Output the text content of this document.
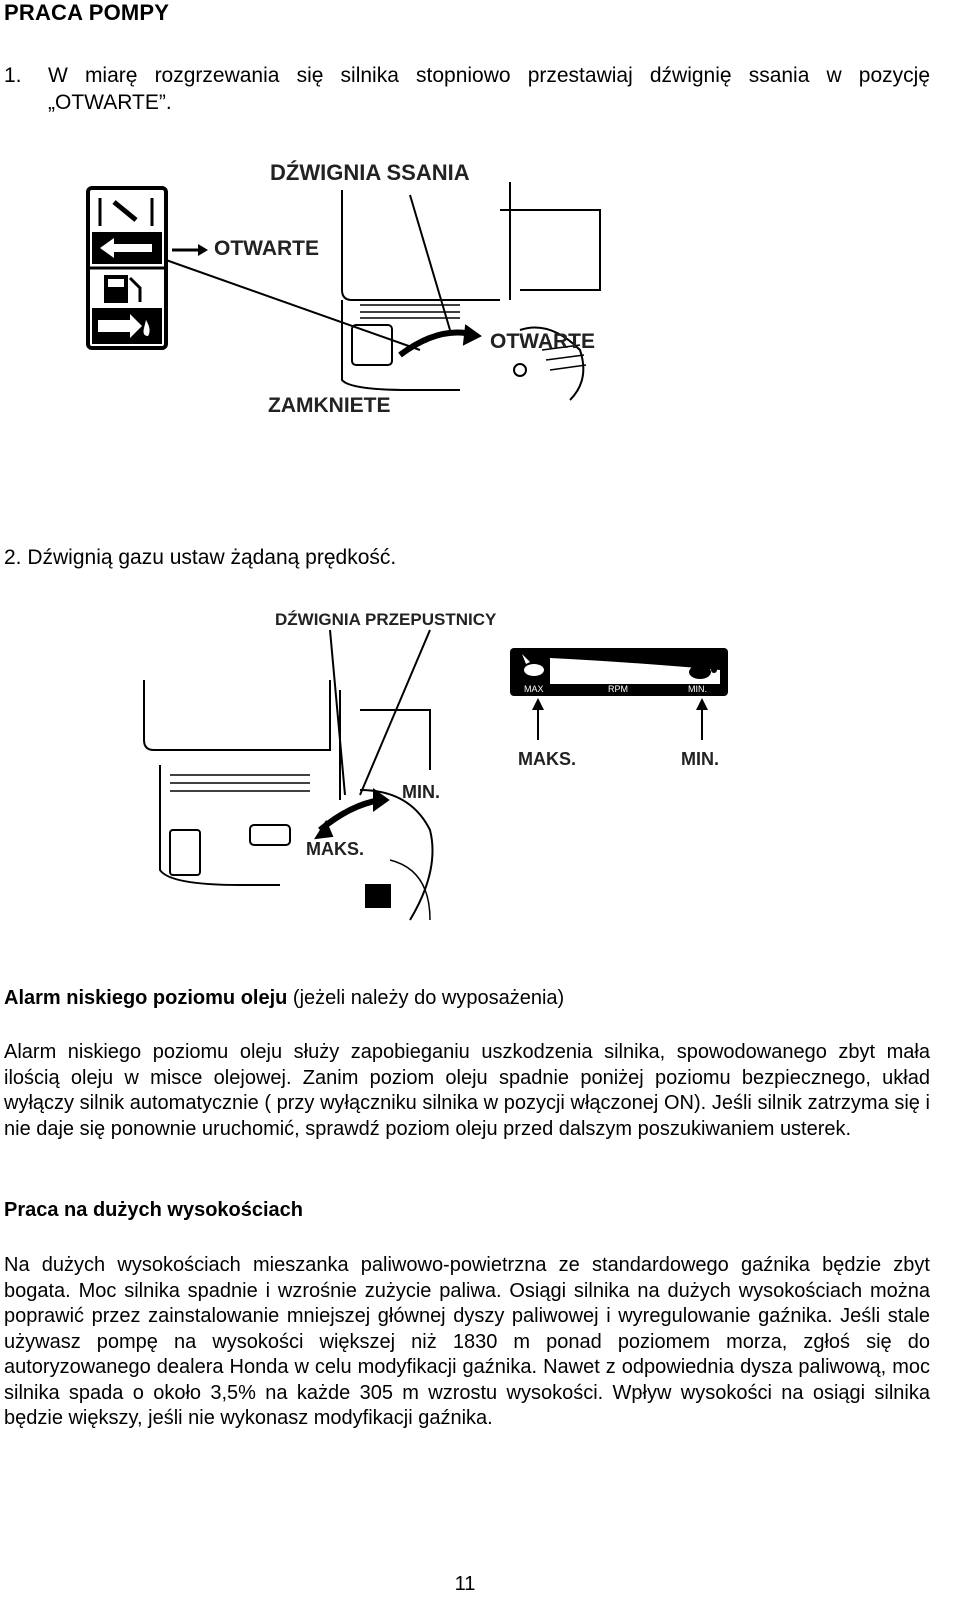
PRACA POMPY
1. W miarę rozgrzewania się silnika stopniowo przestawiaj dźwignię ssania w pozycję „OTWARTE”.
DŹWIGNIA SSANIA
OTWARTE
OTWARTE
ZAMKNIETE
2. Dźwignią gazu ustaw żądaną prędkość.
DŹWIGNIA PRZEPUSTNICY
MIN.
MAKS.
MAX	RPM	MIN.
MAKS.	MIN.
Alarm niskiego poziomu oleju (jeżeli należy do wyposażenia)
Alarm niskiego poziomu oleju służy zapobieganiu uszkodzenia silnika, spowodowanego zbyt mała ilością oleju w misce olejowej. Zanim poziom oleju spadnie poniżej poziomu bezpiecznego, układ wyłączy silnik automatycznie ( przy wyłączniku silnika w pozycji włączonej ON). Jeśli silnik zatrzyma się i nie daje się ponownie uruchomić, sprawdź poziom oleju przed dalszym poszukiwaniem usterek.
Praca na dużych wysokościach
Na dużych wysokościach mieszanka paliwowo-powietrzna ze standardowego gaźnika będzie zbyt bogata. Moc silnika spadnie i wzrośnie zużycie paliwa. Osiągi silnika na dużych wysokościach można poprawić przez zainstalowanie mniejszej głównej dyszy paliwowej i wyregulowanie gaźnika. Jeśli stale używasz pompę na wysokości większej niż 1830 m ponad poziomem morza, zgłoś się do autoryzowanego dealera Honda w celu modyfikacji gaźnika. Nawet z odpowiednia dysza paliwową, moc silnika spada o około 3,5% na każde 305 m wzrostu wysokości. Wpływ wysokości na osiągi silnika będzie większy, jeśli nie wykonasz modyfikacji gaźnika.
11
